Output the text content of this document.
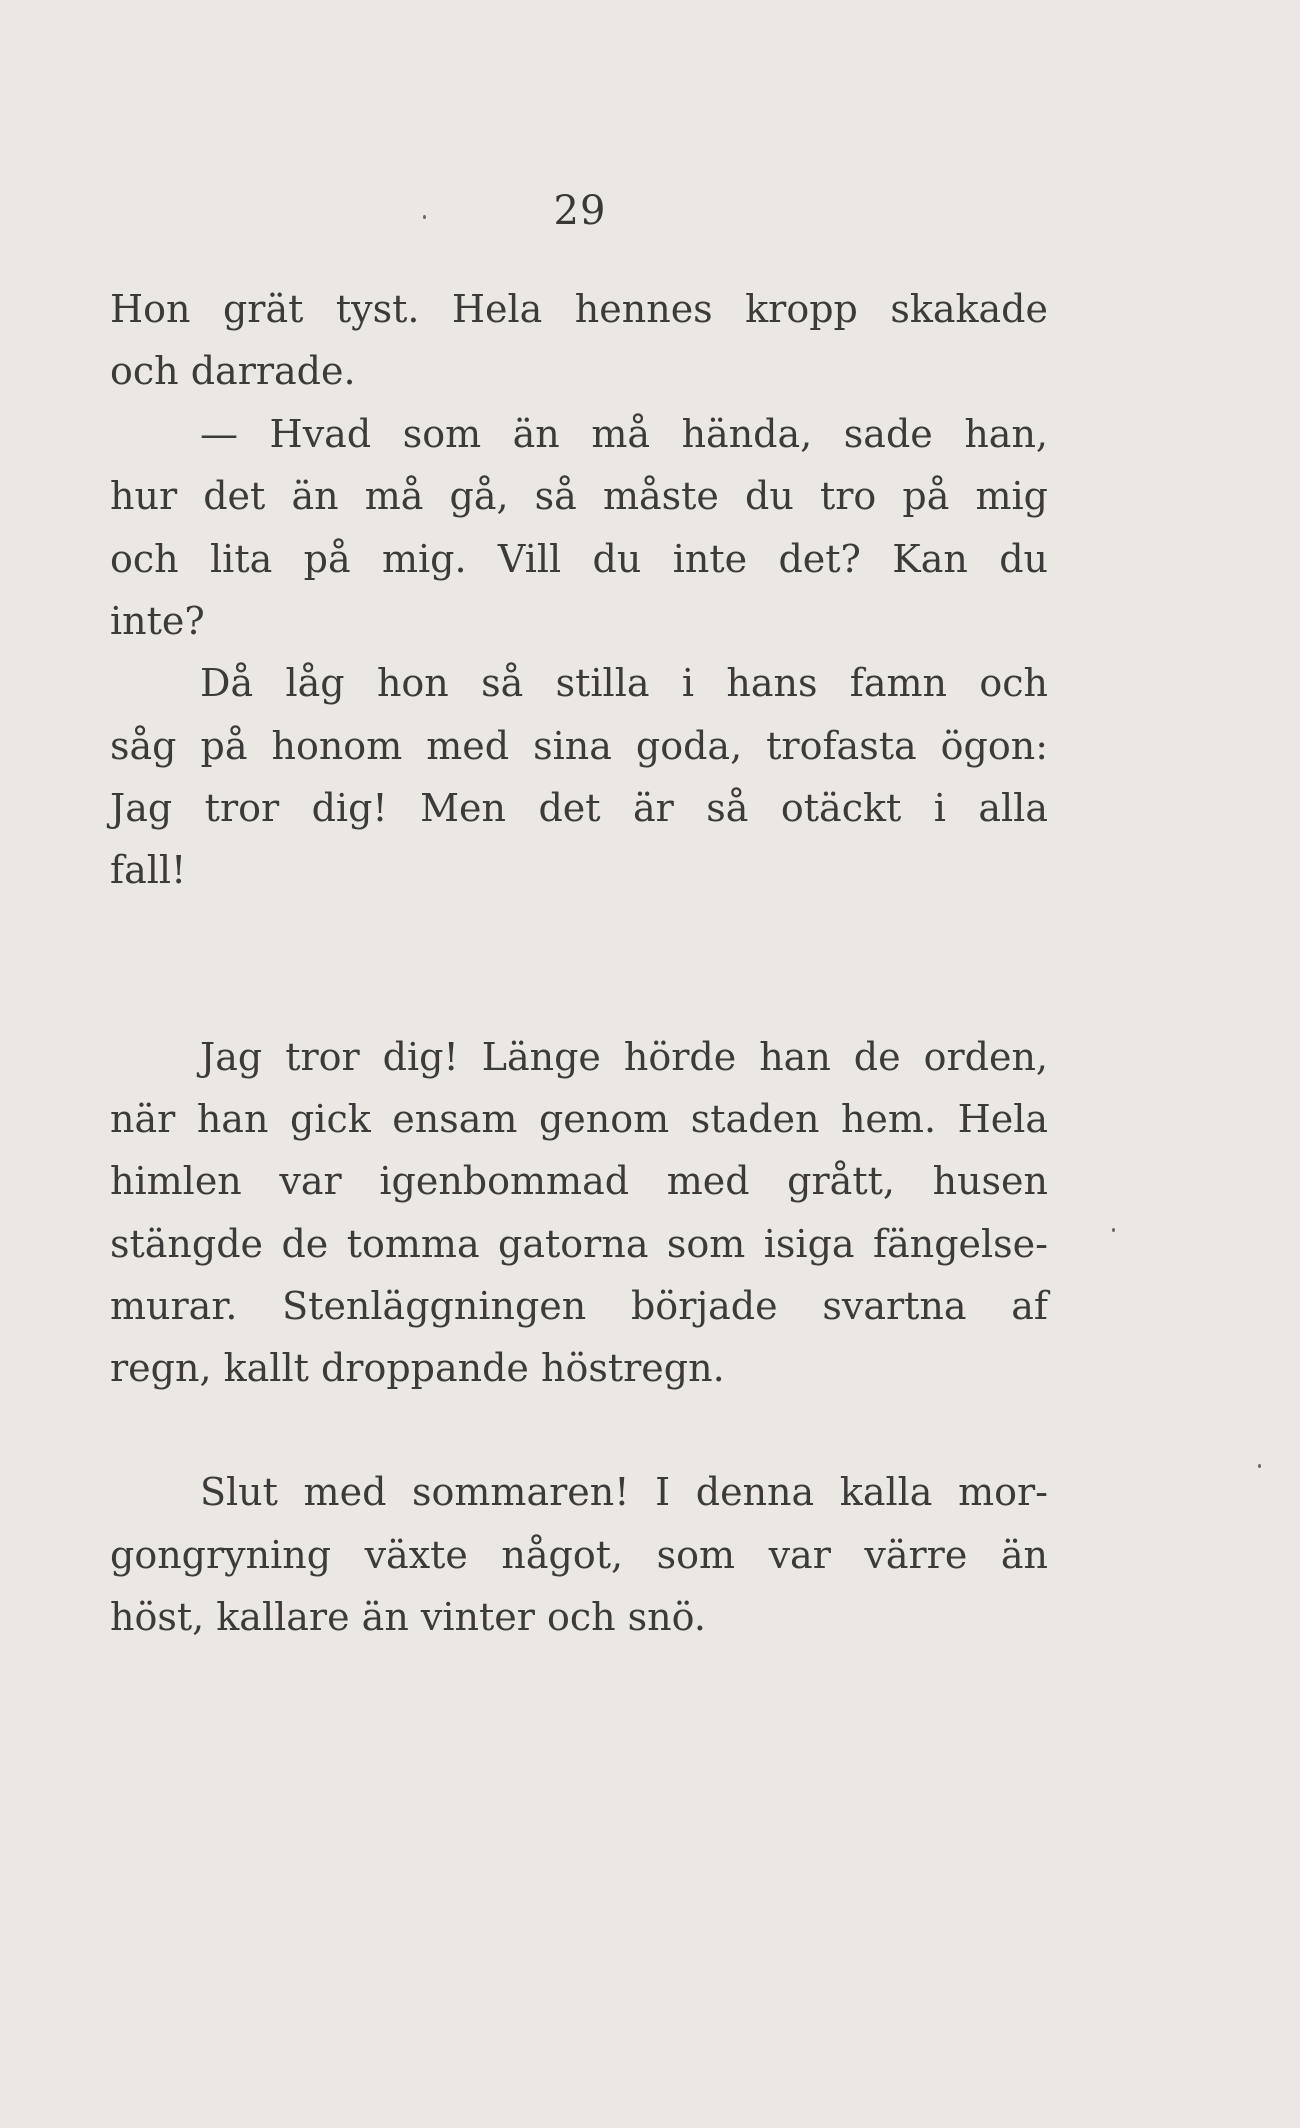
29
Hon grät tyst. Hela hennes kropp skakade
och darrade.
— Hvad som än må hända, sade han,
hur det än må gå, så måste du tro på mig
och lita på mig. Vill du inte det? Kan du
inte?
Då låg hon så stilla i hans famn och
såg på honom med sina goda, trofasta ögon:
Jag tror dig! Men det är så otäckt i alla
fall!
Jag tror dig! Länge hörde han de orden,
när han gick ensam genom staden hem. Hela
himlen var igenbommad med grått, husen
stängde de tomma gatorna som isiga fängelse-
murar. Stenläggningen började svartna af
regn, kallt droppande höstregn.
Slut med sommaren! I denna kalla mor-
gongryning växte något, som var värre än
höst, kallare än vinter och snö.
